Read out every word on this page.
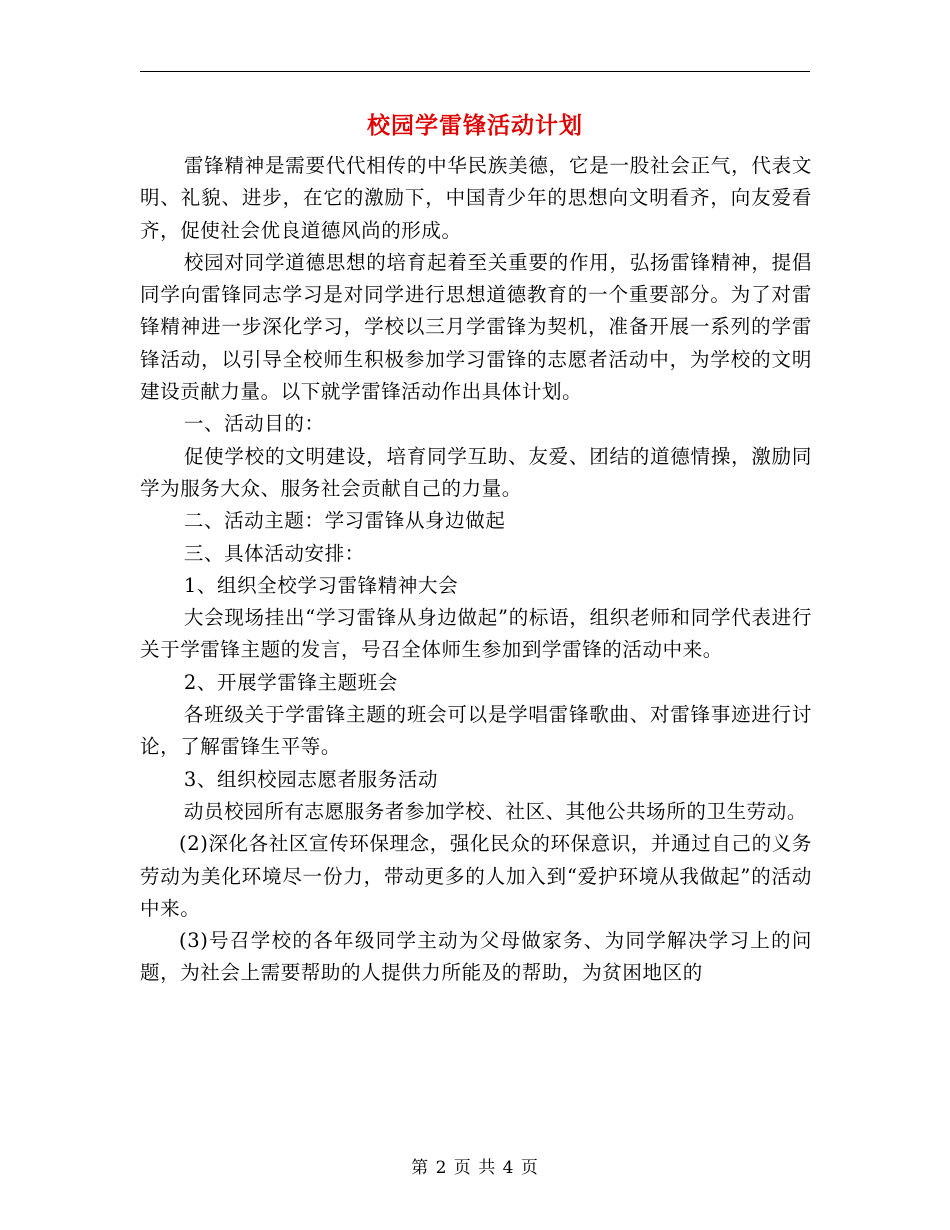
校园学雷锋活动计划

雷锋精神是需要代代相传的中华民族美德，它是一股社会正气，代表文明、礼貌、进步，在它的激励下，中国青少年的思想向文明看齐，向友爱看齐，促使社会优良道德风尚的形成。

校园对同学道德思想的培育起着至关重要的作用，弘扬雷锋精神，提倡同学向雷锋同志学习是对同学进行思想道德教育的一个重要部分。为了对雷锋精神进一步深化学习，学校以三月学雷锋为契机，准备开展一系列的学雷锋活动，以引导全校师生积极参加学习雷锋的志愿者活动中，为学校的文明建设贡献力量。以下就学雷锋活动作出具体计划。

一、活动目的：

促使学校的文明建设，培育同学互助、友爱、团结的道德情操，激励同学为服务大众、服务社会贡献自己的力量。

二、活动主题：学习雷锋从身边做起

三、具体活动安排：

1、组织全校学习雷锋精神大会

大会现场挂出“学习雷锋从身边做起”的标语，组织老师和同学代表进行关于学雷锋主题的发言，号召全体师生参加到学雷锋的活动中来。

2、开展学雷锋主题班会

各班级关于学雷锋主题的班会可以是学唱雷锋歌曲、对雷锋事迹进行讨论，了解雷锋生平等。

3、组织校园志愿者服务活动

动员校园所有志愿服务者参加学校、社区、其他公共场所的卫生劳动。

(2)深化各社区宣传环保理念，强化民众的环保意识，并通过自己的义务劳动为美化环境尽一份力，带动更多的人加入到“爱护环境从我做起”的活动中来。

(3)号召学校的各年级同学主动为父母做家务、为同学解决学习上的问题，为社会上需要帮助的人提供力所能及的帮助，为贫困地区的

第 2 页 共 4 页
